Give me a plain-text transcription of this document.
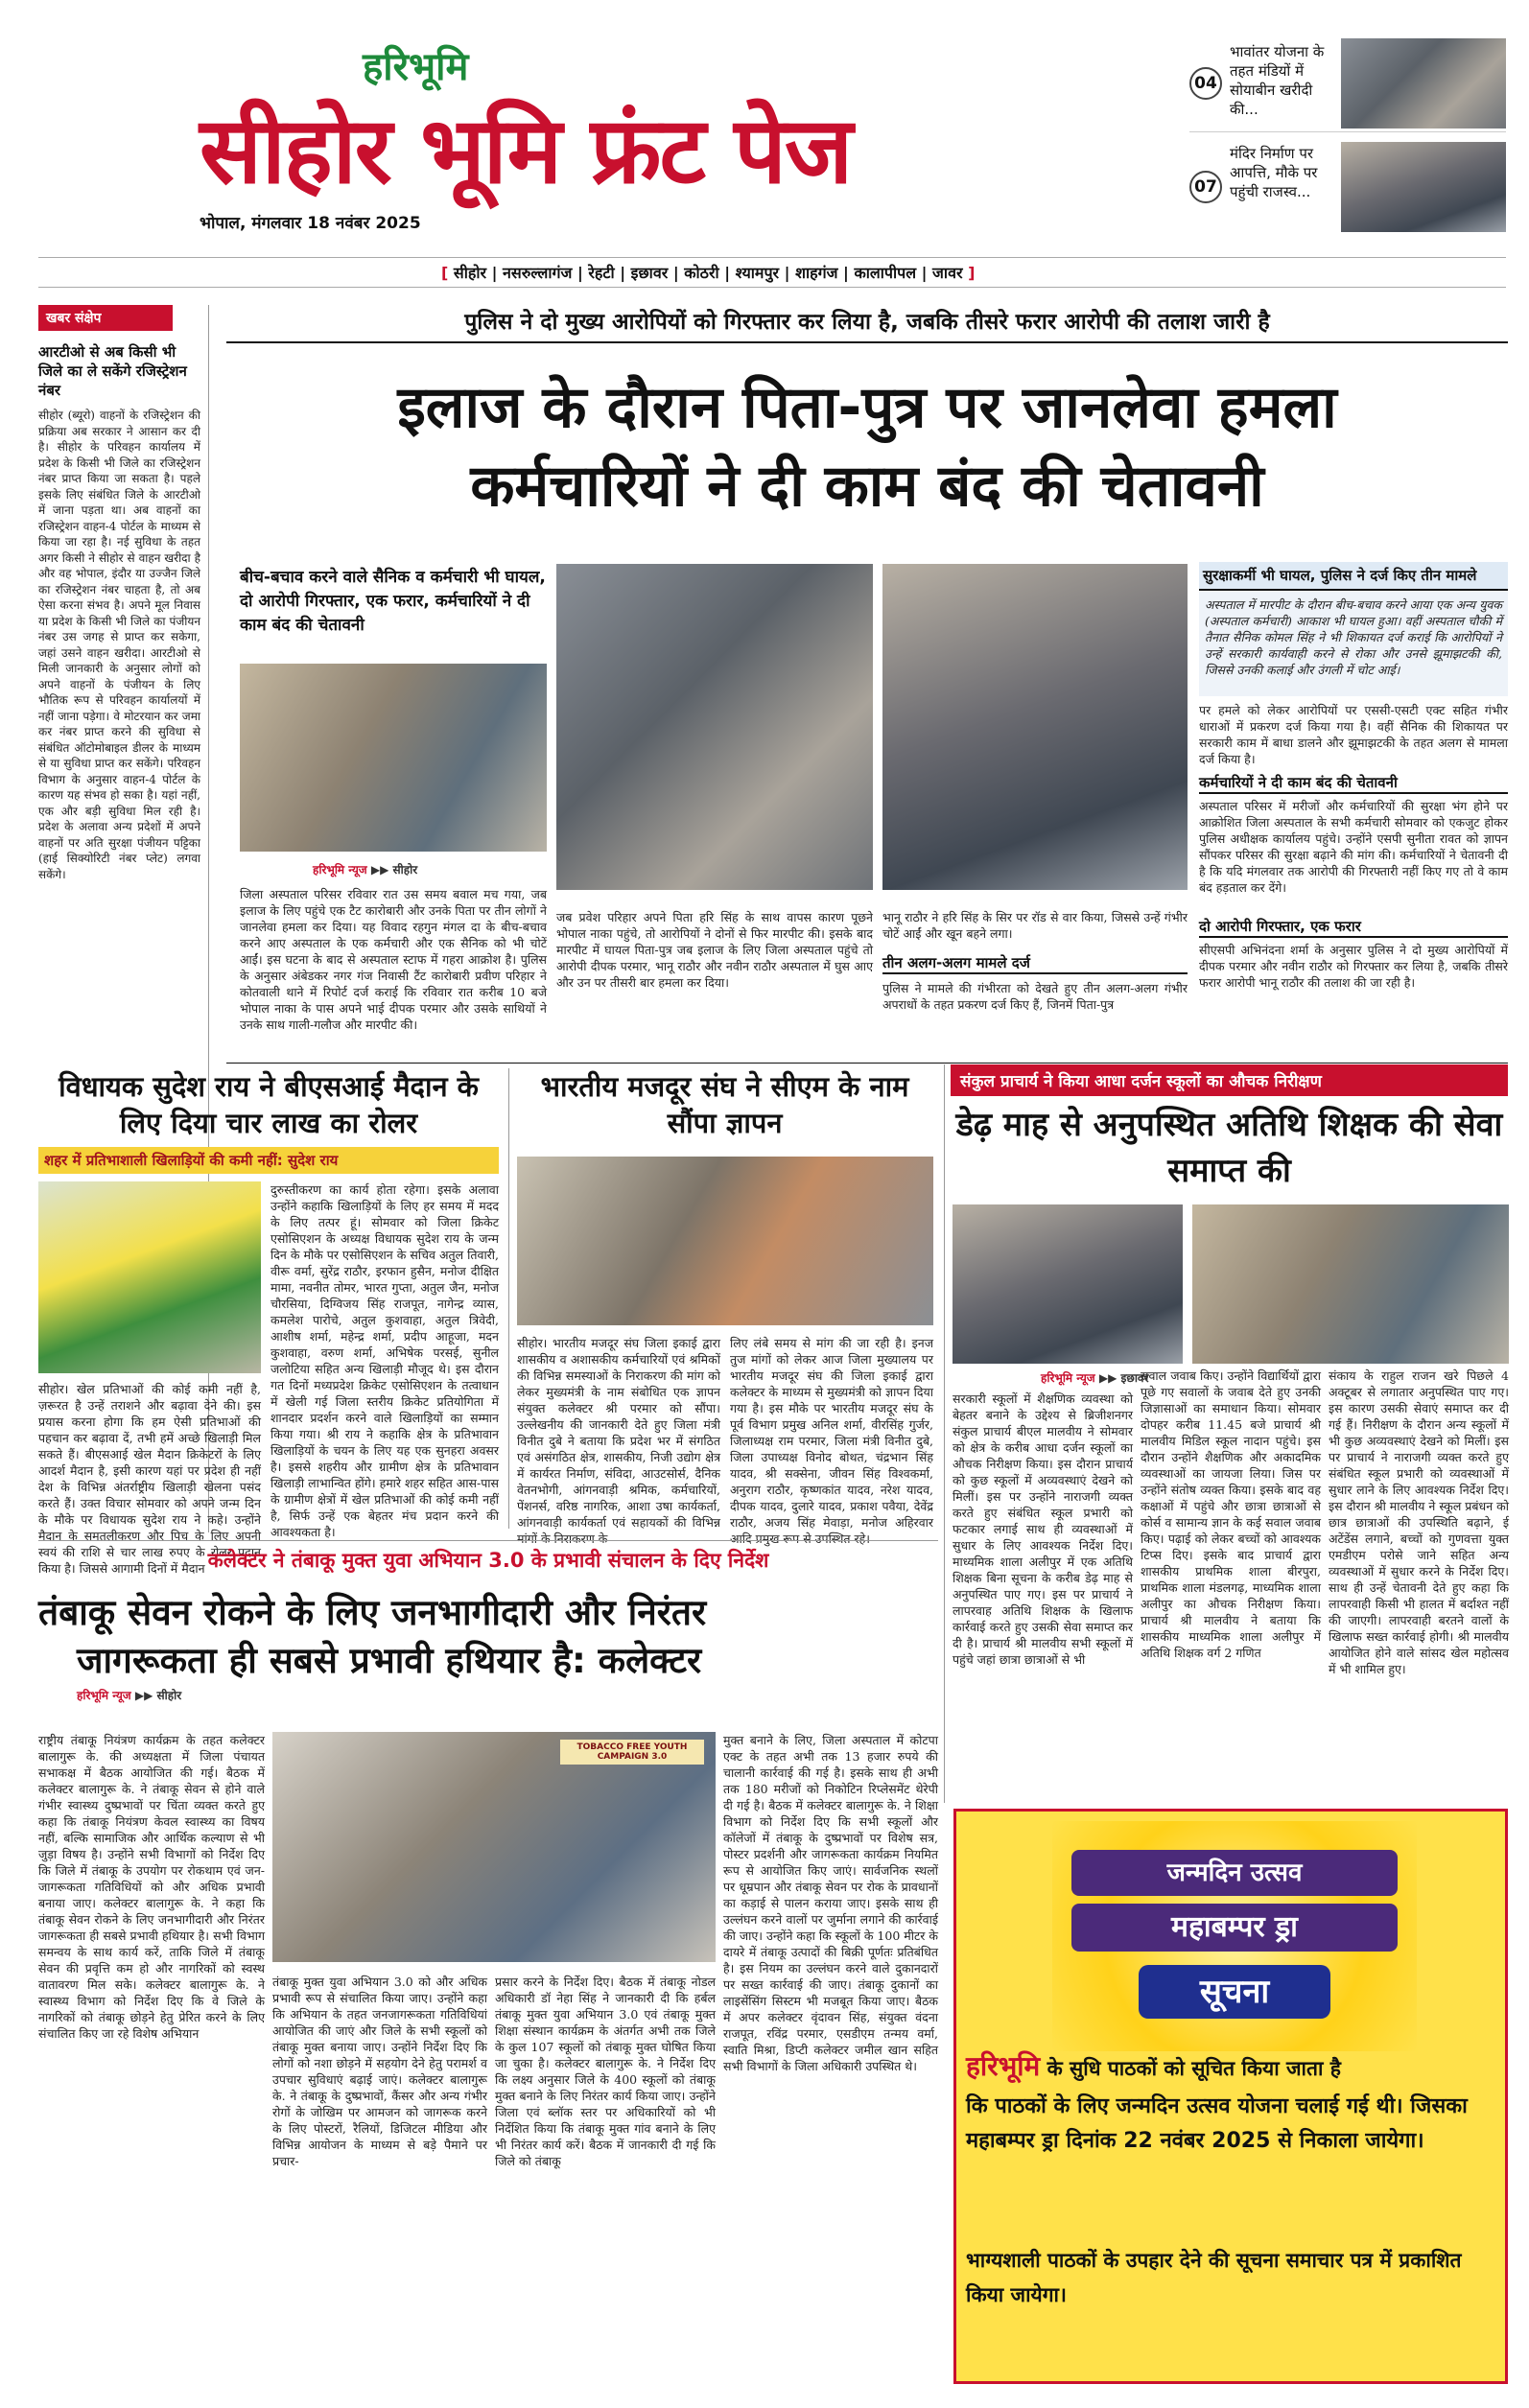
हरिभूमि
सीहोर भूमि फ्रंट पेज
भोपाल, मंगलवार 18 नवंबर 2025
04
भावांतर योजना के तहत मंडियों में सोयाबीन खरीदी की...
07
मंदिर निर्माण पर आपत्ति, मौके पर पहुंची राजस्व...
[ सीहोर | नसरुल्लागंज | रेहटी | इछावर | कोठरी | श्यामपुर | शाहगंज | कालापीपल | जावर ]
खबर संक्षेप
आरटीओ से अब किसी भी जिले का ले सकेंगे रजिस्ट्रेशन नंबर
सीहोर (ब्यूरो) वाहनों के रजिस्ट्रेशन की प्रक्रिया अब सरकार ने आसान कर दी है। सीहोर के परिवहन कार्यालय में प्रदेश के किसी भी जिले का रजिस्ट्रेशन नंबर प्राप्त किया जा सकता है। पहले इसके लिए संबंधित जिले के आरटीओ में जाना पड़ता था। अब वाहनों का रजिस्ट्रेशन वाहन-4 पोर्टल के माध्यम से किया जा रहा है। नई सुविधा के तहत अगर किसी ने सीहोर से वाहन खरीदा है और वह भोपाल, इंदौर या उज्जैन जिले का रजिस्ट्रेशन नंबर चाहता है, तो अब ऐसा करना संभव है। अपने मूल निवास या प्रदेश के किसी भी जिले का पंजीयन नंबर उस जगह से प्राप्त कर सकेगा, जहां उसने वाहन खरीदा। आरटीओ से मिली जानकारी के अनुसार लोगों को अपने वाहनों के पंजीयन के लिए भौतिक रूप से परिवहन कार्यालयों में नहीं जाना पड़ेगा। वे मोटरयान कर जमा कर नंबर प्राप्त करने की सुविधा से संबंधित ऑटोमोबाइल डीलर के माध्यम से या सुविधा प्राप्त कर सकेंगे। परिवहन विभाग के अनुसार वाहन-4 पोर्टल के कारण यह संभव हो सका है। यहां नहीं, एक और बड़ी सुविधा मिल रही है। प्रदेश के अलावा अन्य प्रदेशों में अपने वाहनों पर अति सुरक्षा पंजीयन पट्टिका (हाई सिक्योरिटी नंबर प्लेट) लगवा सकेंगे।
पुलिस ने दो मुख्य आरोपियों को गिरफ्तार कर लिया है, जबकि तीसरे फरार आरोपी की तलाश जारी है
इलाज के दौरान पिता-पुत्र पर जानलेवा हमला
कर्मचारियों ने दी काम बंद की चेतावनी
बीच-बचाव करने वाले सैनिक व कर्मचारी भी घायल, दो आरोपी गिरफ्तार, एक फरार, कर्मचारियों ने दी काम बंद की चेतावनी
हरिभूमि न्यूज ▶▶ सीहोर
जिला अस्पताल परिसर रविवार रात उस समय बवाल मच गया, जब इलाज के लिए पहुंचे एक टैट कारोबारी और उनके पिता पर तीन लोगों ने जानलेवा हमला कर दिया। यह विवाद रहगुन मंगल दा के बीच-बचाव करने आए अस्पताल के एक कर्मचारी और एक सैनिक को भी चोटें आईं। इस घटना के बाद से अस्पताल स्टाफ में गहरा आक्रोश है। पुलिस के अनुसार अंबेडकर नगर गंज निवासी टैंट कारोबारी प्रवीण परिहार ने कोतवाली थाने में रिपोर्ट दर्ज कराई कि रविवार रात करीब 10 बजे भोपाल नाका के पास अपने भाई दीपक परमार और उसके साथियों ने उनके साथ गाली-गलौज और मारपीट की।
जब प्रवेश परिहार अपने पिता हरि सिंह के साथ वापस कारण पूछने भोपाल नाका पहुंचे, तो आरोपियों ने दोनों से फिर मारपीट की। इसके बाद मारपीट में घायल पिता-पुत्र जब इलाज के लिए जिला अस्पताल पहुंचे तो आरोपी दीपक परमार, भानू राठौर और नवीन राठौर अस्पताल में घुस आए और उन पर तीसरी बार हमला कर दिया।
भानू राठौर ने हरि सिंह के सिर पर रॉड से वार किया, जिससे उन्हें गंभीर चोटें आईं और खून बहने लगा।
तीन अलग-अलग मामले दर्ज
पुलिस ने मामले की गंभीरता को देखते हुए तीन अलग-अलग गंभीर अपराधों के तहत प्रकरण दर्ज किए हैं, जिनमें पिता-पुत्र
सुरक्षाकर्मी भी घायल, पुलिस ने दर्ज किए तीन मामले
अस्पताल में मारपीट के दौरान बीच-बचाव करने आया एक अन्य युवक (अस्पताल कर्मचारी) आकाश भी घायल हुआ। वहीं अस्पताल चौकी में तैनात सैनिक कोमल सिंह ने भी शिकायत दर्ज कराई कि आरोपियों ने उन्हें सरकारी कार्यवाही करने से रोका और उनसे झूमाझटकी की, जिससे उनकी कलाई और उंगली में चोट आई।
पर हमले को लेकर आरोपियों पर एससी-एसटी एक्ट सहित गंभीर धाराओं में प्रकरण दर्ज किया गया है। वहीं सैनिक की शिकायत पर सरकारी काम में बाधा डालने और झूमाझटकी के तहत अलग से मामला दर्ज किया है।
कर्मचारियों ने दी काम बंद की चेतावनी
अस्पताल परिसर में मरीजों और कर्मचारियों की सुरक्षा भंग होने पर आक्रोशित जिला अस्पताल के सभी कर्मचारी सोमवार को एकजुट होकर पुलिस अधीक्षक कार्यालय पहुंचे। उन्होंने एसपी सुनीता रावत को ज्ञापन सौंपकर परिसर की सुरक्षा बढ़ाने की मांग की। कर्मचारियों ने चेतावनी दी है कि यदि मंगलवार तक आरोपी की गिरफ्तारी नहीं किए गए तो वे काम बंद हड़ताल कर देंगे।
दो आरोपी गिरफ्तार, एक फरार
सीएसपी अभिनंदना शर्मा के अनुसार पुलिस ने दो मुख्य आरोपियों में दीपक परमार और नवीन राठौर को गिरफ्तार कर लिया है, जबकि तीसरे फरार आरोपी भानू राठौर की तलाश की जा रही है।
विधायक सुदेश राय ने बीएसआई मैदान के लिए दिया चार लाख का रोलर
शहर में प्रतिभाशाली खिलाड़ियों की कमी नहीं: सुदेश राय
सीहोर। खेल प्रतिभाओं की कोई कमी नहीं है, ज़रूरत है उन्हें तराशने और बढ़ावा देने की। इस प्रयास करना होगा कि हम ऐसी प्रतिभाओं की पहचान कर बढ़ावा दें, तभी हमें अच्छे खिलाड़ी मिल सकते हैं। बीएसआई खेल मैदान क्रिकेटरों के लिए आदर्श मैदान है, इसी कारण यहां पर प्रदेश ही नहीं देश के विभिन्न अंतर्राष्ट्रीय खिलाड़ी खेलना पसंद करते हैं। उक्त विचार सोमवार को अपने जन्म दिन के मौके पर विधायक सुदेश राय ने कहे। उन्होंने मैदान के समतलीकरण और पिच के लिए अपनी स्वयं की राशि से चार लाख रुपए के रोलर प्रदान किया है। जिससे आगामी दिनों में मैदान
दुरुस्तीकरण का कार्य होता रहेगा। इसके अलावा उन्होंने कहाकि खिलाड़ियों के लिए हर समय में मदद के लिए तत्पर हूं। सोमवार को जिला क्रिकेट एसोसिएशन के अध्यक्ष विधायक सुदेश राय के जन्म दिन के मौके पर एसोसिएशन के सचिव अतुल तिवारी, वीरू वर्मा, सुरेंद्र राठौर, इरफान हुसैन, मनोज दीक्षित मामा, नवनीत तोमर, भारत गुप्ता, अतुल जैन, मनोज चौरसिया, दिग्विजय सिंह राजपूत, नागेन्द्र व्यास, कमलेश पारोचे, अतुल कुशवाहा, अतुल त्रिवेदी, आशीष शर्मा, महेन्द्र शर्मा, प्रदीप आहूजा, मदन कुशवाहा, वरुण शर्मा, अभिषेक परसई, सुनील जलोटिया सहित अन्य खिलाड़ी मौजूद थे। इस दौरान गत दिनों मध्यप्रदेश क्रिकेट एसोसिएशन के तत्वाधान में खेली गई जिला स्तरीय क्रिकेट प्रतियोगिता में शानदार प्रदर्शन करने वाले खिलाड़ियों का सम्मान किया गया। श्री राय ने कहाकि क्षेत्र के प्रतिभावान खिलाड़ियों के चयन के लिए यह एक सुनहरा अवसर है। इससे शहरीय और ग्रामीण क्षेत्र के प्रतिभावान खिलाड़ी लाभान्वित होंगे। हमारे शहर सहित आस-पास के ग्रामीण क्षेत्रों में खेल प्रतिभाओं की कोई कमी नहीं है, सिर्फ उन्हें एक बेहतर मंच प्रदान करने की आवश्यकता है।
भारतीय मजदूर संघ ने सीएम के नाम सौंपा ज्ञापन
सीहोर। भारतीय मजदूर संघ जिला इकाई द्वारा शासकीय व अशासकीय कर्मचारियों एवं श्रमिकों की विभिन्न समस्याओं के निराकरण की मांग को लेकर मुख्यमंत्री के नाम संबोधित एक ज्ञापन संयुक्त कलेक्टर श्री परमार को सौंपा। उल्लेखनीय की जानकारी देते हुए जिला मंत्री विनीत दुबे ने बताया कि प्रदेश भर में संगठित एवं असंगठित क्षेत्र, शासकीय, निजी उद्योग क्षेत्र में कार्यरत निर्माण, संविदा, आउटसोर्स, दैनिक वेतनभोगी, आंगनवाड़ी श्रमिक, कर्मचारियों, पेंशनर्स, वरिष्ठ नागरिक, आशा उषा कार्यकर्ता, आंगनवाड़ी कार्यकर्ता एवं सहायकों की विभिन्न मांगों के निराकरण के
लिए लंबे समय से मांग की जा रही है। इनज तुज मांगों को लेकर आज जिला मुख्यालय पर भारतीय मजदूर संघ की जिला इकाई द्वारा कलेक्टर के माध्यम से मुख्यमंत्री को ज्ञापन दिया गया है। इस मौके पर भारतीय मजदूर संघ के पूर्व विभाग प्रमुख अनिल शर्मा, वीरसिंह गुर्जर, जिलाध्यक्ष राम परमार, जिला मंत्री विनीत दुबे, जिला उपाध्यक्ष विनोद बोथत, चंद्रभान सिंह यादव, श्री सक्सेना, जीवन सिंह विश्वकर्मा, अनुराग राठौर, कृष्णकांत यादव, नरेश यादव, दीपक यादव, दुलारे यादव, प्रकाश पवैया, देवेंद्र राठौर, अजय सिंह मेवाड़ा, मनोज अहिरवार आदि प्रमुख रूप से उपस्थित रहे।
संकुल प्राचार्य ने किया आधा दर्जन स्कूलों का औचक निरीक्षण
डेढ़ माह से अनुपस्थित अतिथि शिक्षक की सेवा समाप्त की
हरिभूमि न्यूज ▶▶ इछावर
सरकारी स्कूलों में शैक्षणिक व्यवस्था को बेहतर बनाने के उद्देश्य से ब्रिजीशनगर संकुल प्राचार्य बीएल मालवीय ने सोमवार को क्षेत्र के करीब आधा दर्जन स्कूलों का औचक निरीक्षण किया। इस दौरान प्राचार्य को कुछ स्कूलों में अव्यवस्थाएं देखने को मिलीं। इस पर उन्होंने नाराजगी व्यक्त करते हुए संबंधित स्कूल प्रभारी को फटकार लगाई साथ ही व्यवस्थाओं में सुधार के लिए आवश्यक निर्देश दिए। माध्यमिक शाला अलीपुर में एक अतिथि शिक्षक बिना सूचना के करीब डेढ़ माह से अनुपस्थित पाए गए। इस पर प्राचार्य ने लापरवाह अतिथि शिक्षक के खिलाफ कार्रवाई करते हुए उसकी सेवा समाप्त कर दी है। प्राचार्य श्री मालवीय सभी स्कूलों में पहुंचे जहां छात्रा छात्राओं से भी
सवाल जवाब किए। उन्होंने विद्यार्थियों द्वारा पूछे गए सवालों के जवाब देते हुए उनकी जिज्ञासाओं का समाधान किया। सोमवार दोपहर करीब 11.45 बजे प्राचार्य श्री मालवीय मिडिल स्कूल नादान पहुंचे। इस दौरान उन्होंने शैक्षणिक और अकादमिक व्यवस्थाओं का जायजा लिया। जिस पर उन्होंने संतोष व्यक्त किया। इसके बाद वह कक्षाओं में पहुंचे और छात्रा छात्राओं से कोर्स व सामान्य ज्ञान के कई सवाल जवाब किए। पढ़ाई को लेकर बच्चों को आवश्यक टिप्स दिए। इसके बाद प्राचार्य द्वारा शासकीय प्राथमिक शाला बीरपुरा, प्राथमिक शाला मंडलगढ़, माध्यमिक शाला अलीपुर का औचक निरीक्षण किया। प्राचार्य श्री मालवीय ने बताया कि शासकीय माध्यमिक शाला अलीपुर में अतिथि शिक्षक वर्ग 2 गणित
संकाय के राहुल राजन खरे पिछले 4 अक्टूबर से लगातार अनुपस्थित पाए गए। इस कारण उसकी सेवाएं समाप्त कर दी गई हैं। निरीक्षण के दौरान अन्य स्कूलों में भी कुछ अव्यवस्थाएं देखने को मिलीं। इस पर प्राचार्य ने नाराजगी व्यक्त करते हुए संबंधित स्कूल प्रभारी को व्यवस्थाओं में सुधार लाने के लिए आवश्यक निर्देश दिए। इस दौरान श्री मालवीय ने स्कूल प्रबंधन को छात्र छात्राओं की उपस्थिति बढ़ाने, ई अटेंडेंस लगाने, बच्चों को गुणवत्ता युक्त एमडीएम परोसे जाने सहित अन्य व्यवस्थाओं में सुधार करने के निर्देश दिए। साथ ही उन्हें चेतावनी देते हुए कहा कि लापरवाही किसी भी हालत में बर्दाश्त नहीं की जाएगी। लापरवाही बरतने वालों के खिलाफ सख्त कार्रवाई होगी। श्री मालवीय आयोजित होने वाले सांसद खेल महोत्सव में भी शामिल हुए।
कलेक्टर ने तंबाकू मुक्त युवा अभियान 3.0 के प्रभावी संचालन के दिए निर्देश
तंबाकू सेवन रोकने के लिए जनभागीदारी और निरंतर
जागरूकता ही सबसे प्रभावी हथियार है: कलेक्टर
हरिभूमि न्यूज ▶▶ सीहोर
TOBACCO FREE YOUTH CAMPAIGN 3.0
राष्ट्रीय तंबाकू नियंत्रण कार्यक्रम के तहत कलेक्टर बालागुरू के. की अध्यक्षता में जिला पंचायत सभाकक्ष में बैठक आयोजित की गई। बैठक में कलेक्टर बालागुरू के. ने तंबाकू सेवन से होने वाले गंभीर स्वास्थ्य दुष्प्रभावों पर चिंता व्यक्त करते हुए कहा कि तंबाकू नियंत्रण केवल स्वास्थ्य का विषय नहीं, बल्कि सामाजिक और आर्थिक कल्याण से भी जुड़ा विषय है। उन्होंने सभी विभागों को निर्देश दिए कि जिले में तंबाकू के उपयोग पर रोकथाम एवं जन-जागरूकता गतिविधियों को और अधिक प्रभावी बनाया जाए। कलेक्टर बालागुरू के. ने कहा कि तंबाकू सेवन रोकने के लिए जनभागीदारी और निरंतर जागरूकता ही सबसे प्रभावी हथियार है। सभी विभाग समन्वय के साथ कार्य करें, ताकि जिले में तंबाकू सेवन की प्रवृत्ति कम हो और नागरिकों को स्वस्थ वातावरण मिल सके। कलेक्टर बालागुरू के. ने स्वास्थ्य विभाग को निर्देश दिए कि वे जिले के नागरिकों को तंबाकू छोड़ने हेतु प्रेरित करने के लिए संचालित किए जा रहे विशेष अभियान
तंबाकू मुक्त युवा अभियान 3.0 को और अधिक प्रभावी रूप से संचालित किया जाए। उन्होंने कहा कि अभियान के तहत जनजागरूकता गतिविधियां आयोजित की जाएं और जिले के सभी स्कूलों को तंबाकू मुक्त बनाया जाए। उन्होंने निर्देश दिए कि लोगों को नशा छोड़ने में सहयोग देने हेतु परामर्श व उपचार सुविधाएं बढ़ाई जाएं। कलेक्टर बालागुरू के. ने तंबाकू के दुष्प्रभावों, कैंसर और अन्य गंभीर रोगों के जोखिम पर आमजन को जागरूक करने के लिए पोस्टरों, रैलियों, डिजिटल मीडिया और विभिन्न आयोजन के माध्यम से बड़े पैमाने पर प्रचार-
प्रसार करने के निर्देश दिए। बैठक में तंबाकू नोडल अधिकारी डॉ नेहा सिंह ने जानकारी दी कि हर्बल तंबाकू मुक्त युवा अभियान 3.0 एवं तंबाकू मुक्त शिक्षा संस्थान कार्यक्रम के अंतर्गत अभी तक जिले के कुल 107 स्कूलों को तंबाकू मुक्त घोषित किया जा चुका है। कलेक्टर बालागुरू के. ने निर्देश दिए कि लक्ष्य अनुसार जिले के 400 स्कूलों को तंबाकू मुक्त बनाने के लिए निरंतर कार्य किया जाए। उन्होंने जिला एवं ब्लॉक स्तर पर अधिकारियों को भी निर्देशित किया कि तंबाकू मुक्त गांव बनाने के लिए भी निरंतर कार्य करें। बैठक में जानकारी दी गई कि जिले को तंबाकू
मुक्त बनाने के लिए, जिला अस्पताल में कोटपा एक्ट के तहत अभी तक 13 हजार रुपये की चालानी कार्रवाई की गई है। इसके साथ ही अभी तक 180 मरीजों को निकोटिन रिप्लेसमेंट थेरेपी दी गई है। बैठक में कलेक्टर बालागुरू के. ने शिक्षा विभाग को निर्देश दिए कि सभी स्कूलों और कॉलेजों में तंबाकू के दुष्प्रभावों पर विशेष सत्र, पोस्टर प्रदर्शनी और जागरूकता कार्यक्रम नियमित रूप से आयोजित किए जाएं। सार्वजनिक स्थलों पर धूम्रपान और तंबाकू सेवन पर रोक के प्रावधानों का कड़ाई से पालन कराया जाए। इसके साथ ही उल्लंघन करने वालों पर जुर्माना लगाने की कार्रवाई की जाए। उन्होंने कहा कि स्कूलों के 100 मीटर के दायरे में तंबाकू उत्पादों की बिक्री पूर्णतः प्रतिबंधित है। इस नियम का उल्लंघन करने वाले दुकानदारों पर सख्त कार्रवाई की जाए। तंबाकू दुकानों का लाइसेंसिंग सिस्टम भी मजबूत किया जाए। बैठक में अपर कलेक्टर वृंदावन सिंह, संयुक्त वंदना राजपूत, रविंद्र परमार, एसडीएम तन्मय वर्मा, स्वाति मिश्रा, डिप्टी कलेक्टर जमील खान सहित सभी विभागों के जिला अधिकारी उपस्थित थे।
जन्मदिन उत्सव
महाबम्पर ड्रा
सूचना
हरिभूमि के सुधि पाठकों को सूचित किया जाता है
कि पाठकों के लिए जन्मदिन उत्सव योजना चलाई गई थी। जिसका महाबम्पर ड्रा दिनांक 22 नवंबर 2025 से निकाला जायेगा।
भाग्यशाली पाठकों के उपहार देने की सूचना समाचार पत्र में प्रकाशित किया जायेगा।
